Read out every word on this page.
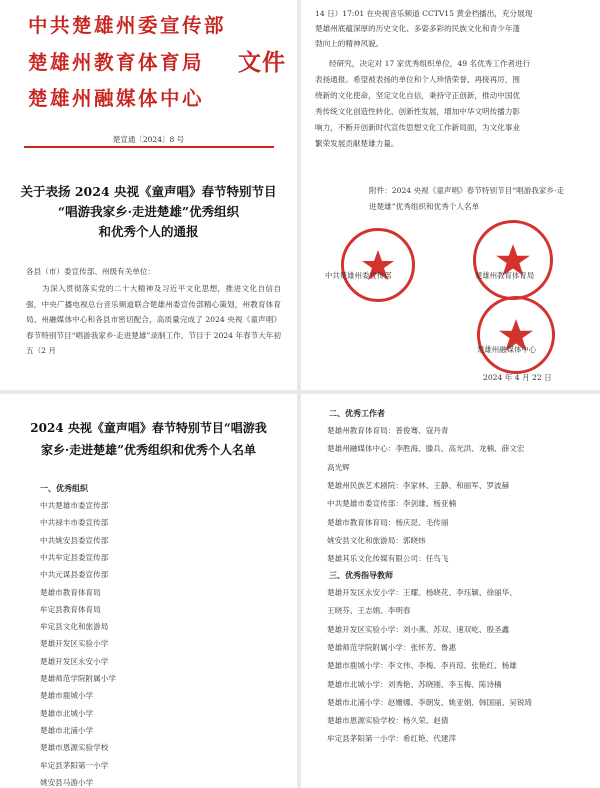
中共楚雄州委宣传部
楚雄州教育体育局 文件
楚雄州融媒体中心
楚宣通〔2024〕8 号
关于表扬 2024 央视《童声唱》春节特别节目
“唱游我家乡·走进楚雄”优秀组织
和优秀个人的通报
各县（市）委宣传部、州级有关单位：
为深入贯彻落实党的二十大精神及习近平文化思想，推进文化自信自强，中央广播电视总台音乐频道联合楚雄州委宣传部精心策划，州教育体育局、州融媒体中心和各县市密切配合，高质量完成了 2024 央视《童声唱》春节特别节目“唱游我家乡·走进楚雄”录制工作。节目于 2024 年春节大年初五（2 月
14 日）17:01 在央视音乐频道 CCTV15 黄金档播出，充分展现
楚雄州底蕴深厚的历史文化、多姿多彩的民族文化和青少年蓬
勃向上的精神风貌。
经研究，决定对 17 家优秀组织单位，49 名优秀工作者进行
表扬通报。希望被表扬的单位和个人珍惜荣誉、再接再厉，围
绕新的文化使命，坚定文化自信，秉持守正创新，推动中国优
秀传统文化创造性转化、创新性发展，增加中华文明传播力影
响力，不断开创新时代宣传思想文化工作新局面，为文化事业
繁荣发展贡献楚雄力量。
附件：2024 央视《童声唱》春节特别节目“唱游我家乡·走
进楚雄”优秀组织和优秀个人名单
中共楚雄州委宣传部	楚雄州教育体育局
楚雄州融媒体中心
2024 年 4 月 22 日
2024 央视《童声唱》春节特别节目“唱游我
家乡·走进楚雄”优秀组织和优秀个人名单
一、优秀组织
中共楚雄市委宣传部
中共禄丰市委宣传部
中共姚安县委宣传部
中共牟定县委宣传部
中共元谋县委宣传部
楚雄市教育体育局
牟定县教育体育局
牟定县文化和旅游局
楚雄开发区实验小学
楚雄开发区永安小学
楚雄师范学院附属小学
楚雄市鹿城小学
楚雄市北城小学
楚雄市北浦小学
楚雄市恩源实验学校
牟定县茅阳第一小学
姚安县马游小学
二、优秀工作者
楚雄州教育体育局：普俊骞、寇丹青
楚雄州融媒体中心：李胜海、滕兵、高光洪、龙楠、薛文宏
高光辉
楚雄州民族艺术剧院：李家林、王静、和丽军、罗波赫
中共楚雄市委宣传部：李剑雄、杨亚楠
楚雄市教育体育局：杨庆昆、毛传丽
姚安县文化和旅游局：郭晓炜
楚雄其乐文化传媒有限公司：任鸟飞
三、优秀指导教师
楚雄开发区永安小学：王耀、杨晓花、李珏颖、徐丽华、
王晓芬、王志娟、李明春
楚雄开发区实验小学：刘小燕、苏双、速双屹、殷圣鑫
楚雄师范学院附属小学：张怀芳、鲁惠
楚雄市鹿城小学：李文伟、李梅、李肖琼、张艳红、杨雄
楚雄市北城小学：刘秀艳、苏晓刚、李玉梅、陈诗楠
楚雄市北浦小学：赵姗娜、李朝发、姚亚娟、韩国丽、吴锐琦
楚雄市恩源实验学校：杨久荣、赵倩
牟定县茅阳第一小学：希红艳、代建萍
